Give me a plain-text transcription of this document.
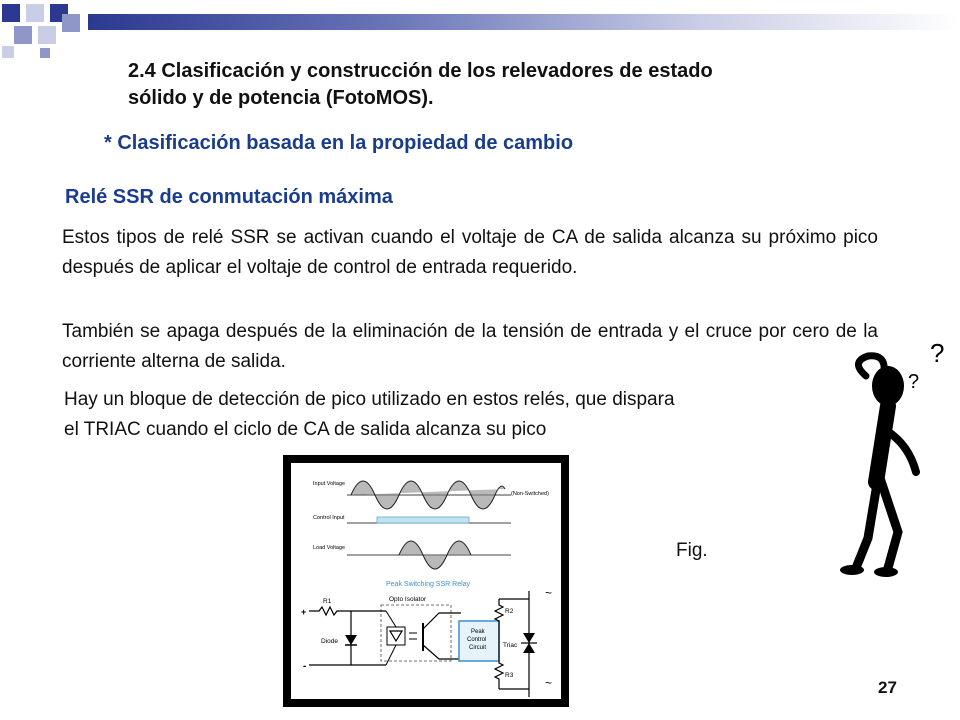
2.4 Clasificación y construcción de los relevadores de estado
sólido y de potencia (FotoMOS).
* Clasificación basada en la propiedad de cambio
Relé SSR de conmutación máxima
Estos tipos de relé SSR se activan cuando el voltaje de CA de salida alcanza su próximo pico después de aplicar el voltaje de control de entrada requerido.
También se apaga después de la eliminación de la tensión de entrada y el cruce por cero de la corriente alterna de salida.
Hay un bloque de detección de pico utilizado en estos relés, que dispara
el TRIAC cuando el ciclo de CA de salida alcanza su pico
Input Voltage
Control Input
Load Voltage
(Non-Switched)
Peak Switching SSR Relay
Opto Isolator
+
-
R1
Diode
Peak
Control
Circuit
R2
R3
Triac
~
~
Fig.
?
?
27
